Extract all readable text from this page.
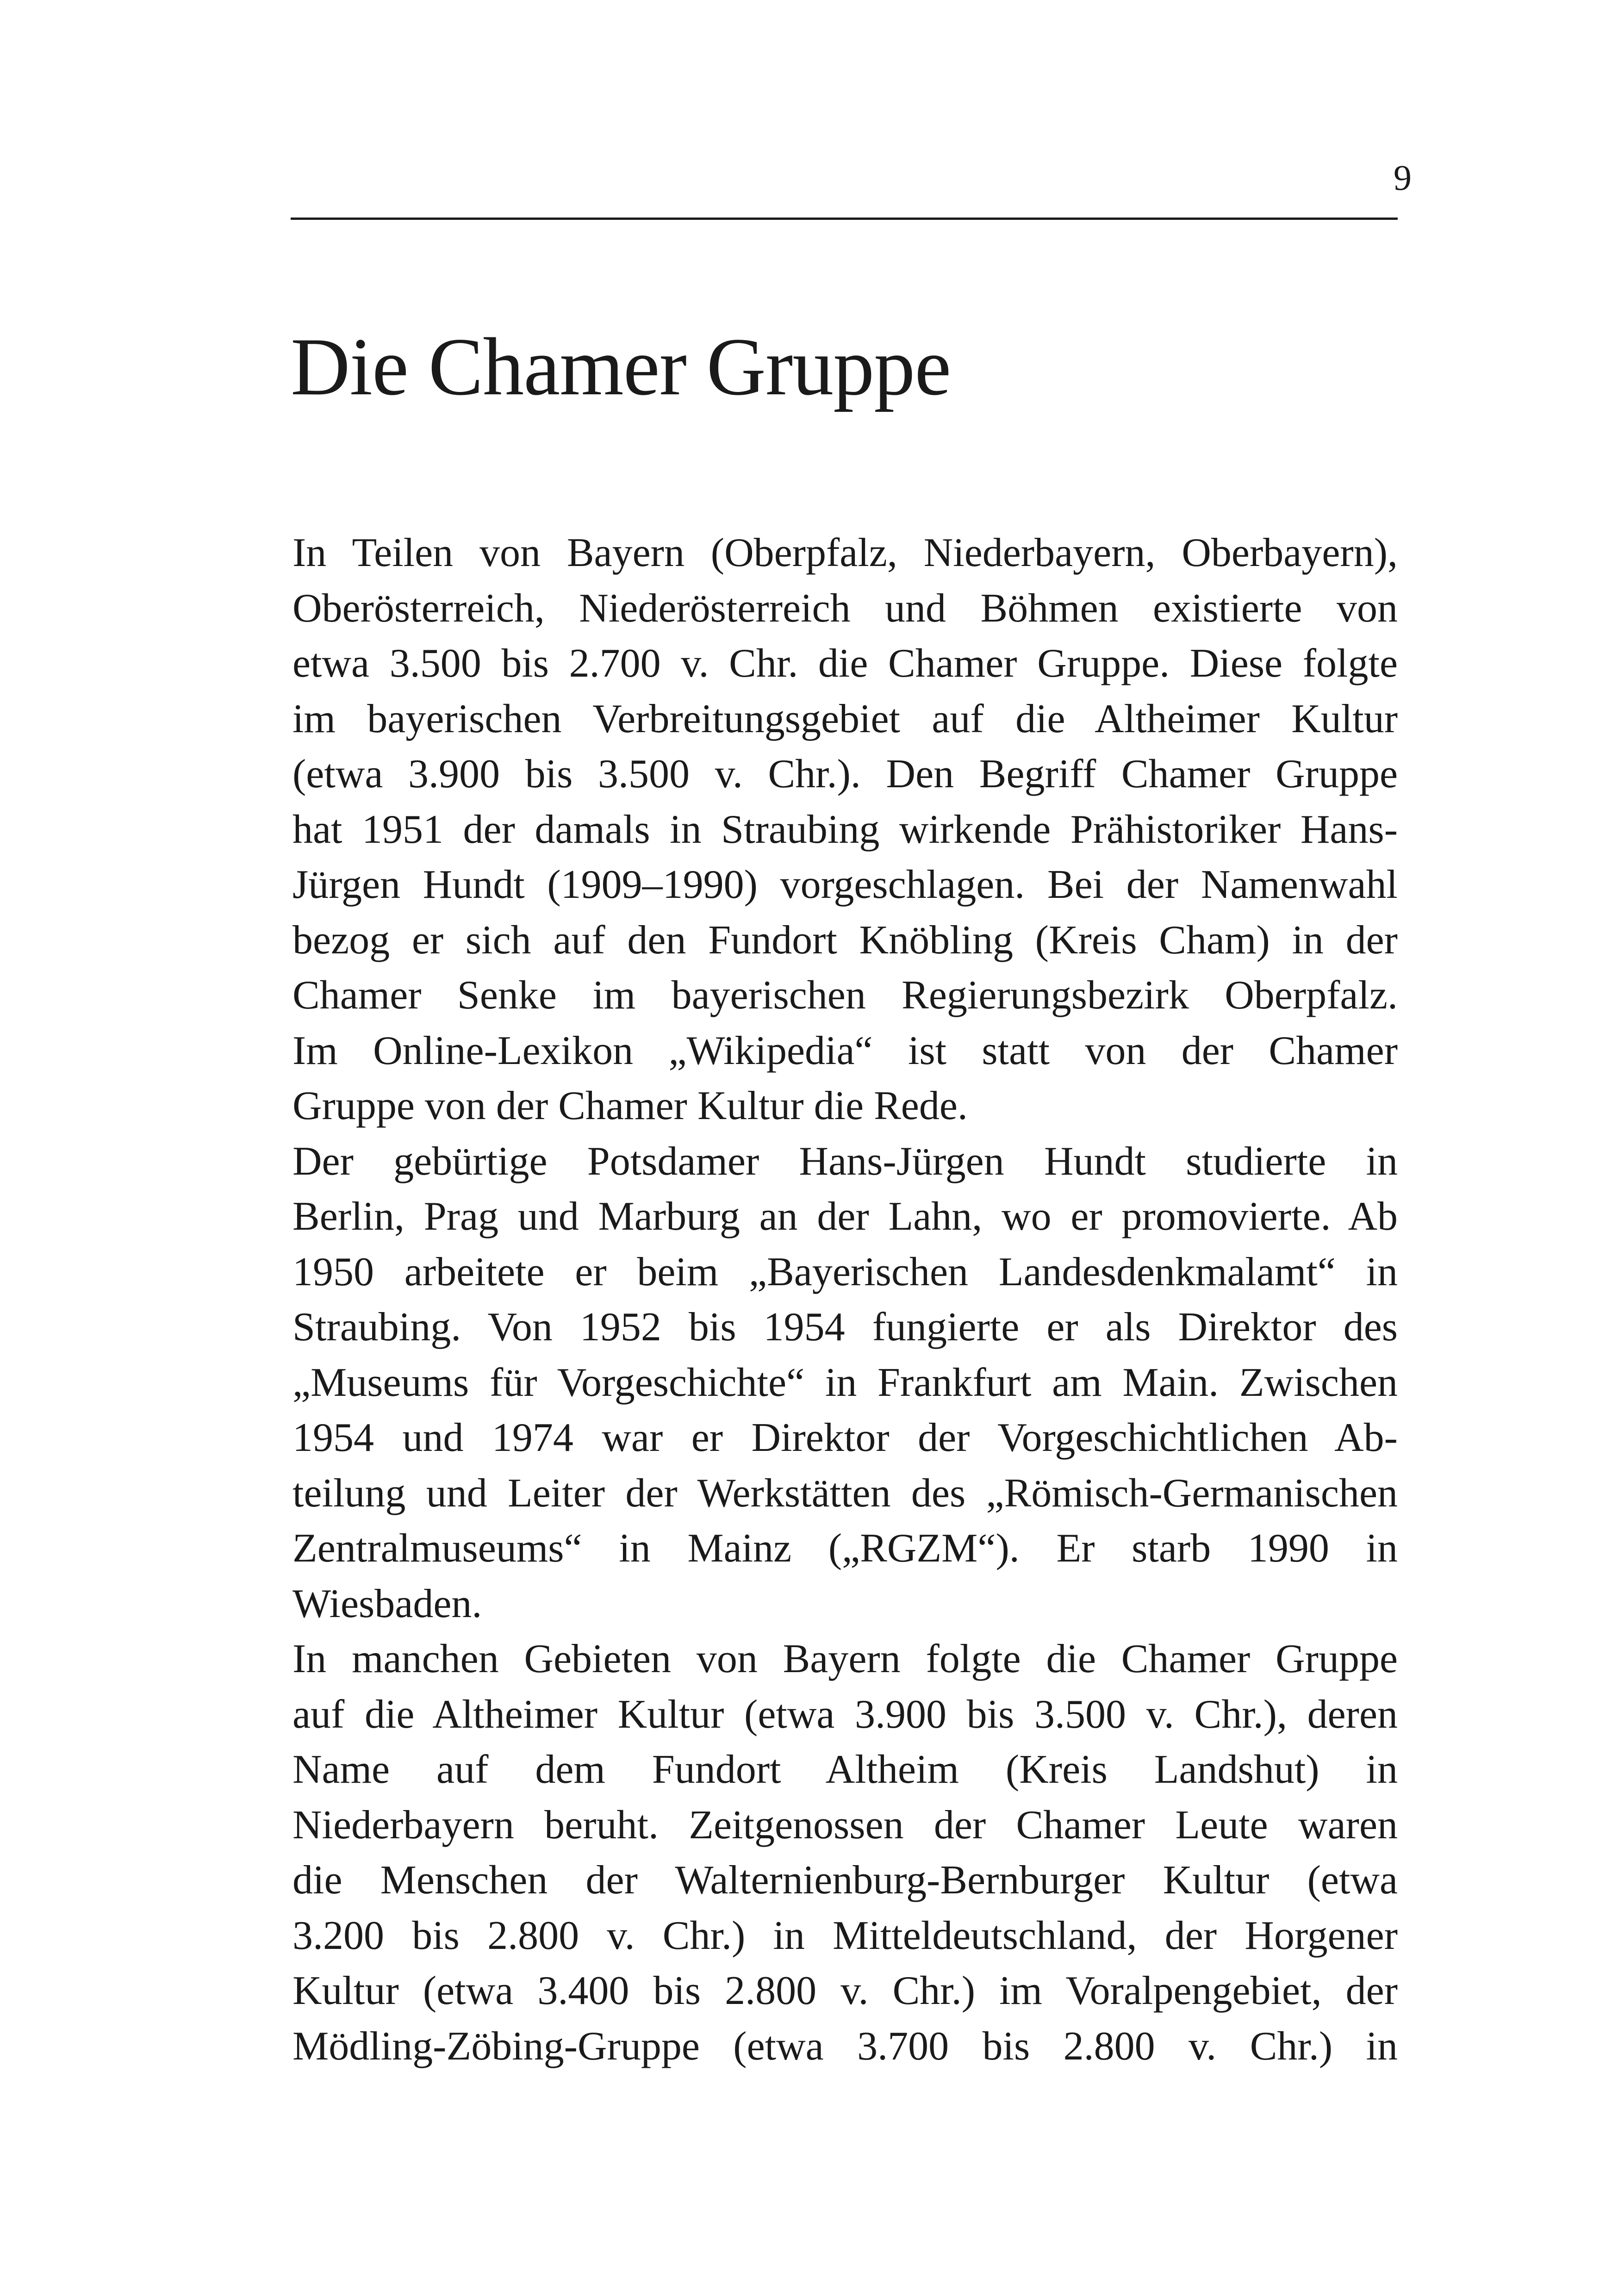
9
Die Chamer Gruppe
In Teilen von Bayern (Oberpfalz, Niederbayern, Oberbayern),
Oberösterreich, Niederösterreich und Böhmen existierte von
etwa 3.500 bis 2.700 v. Chr. die Chamer Gruppe. Diese folgte
im bayerischen Verbreitungsgebiet auf die Altheimer Kultur
(etwa 3.900 bis 3.500 v. Chr.). Den Begriff Chamer Gruppe
hat 1951 der damals in Straubing wirkende Prähistoriker Hans-
Jürgen Hundt (1909–1990) vorgeschlagen. Bei der Namenwahl
bezog er sich auf den Fundort Knöbling (Kreis Cham) in der
Chamer Senke im bayerischen Regierungsbezirk Oberpfalz.
Im Online-Lexikon „Wikipedia“ ist statt von der Chamer
Gruppe von der Chamer Kultur die Rede.
Der gebürtige Potsdamer Hans-Jürgen Hundt studierte in
Berlin, Prag und Marburg an der Lahn, wo er promovierte. Ab
1950 arbeitete er beim „Bayerischen Landesdenkmalamt“ in
Straubing. Von 1952 bis 1954 fungierte er als Direktor des
„Museums für Vorgeschichte“ in Frankfurt am Main. Zwischen
1954 und 1974 war er Direktor der Vorgeschichtlichen Ab-
teilung und Leiter der Werkstätten des „Römisch-Germanischen
Zentralmuseums“ in Mainz („RGZM“). Er starb 1990 in
Wiesbaden.
In manchen Gebieten von Bayern folgte die Chamer Gruppe
auf die Altheimer Kultur (etwa 3.900 bis 3.500 v. Chr.), deren
Name auf dem Fundort Altheim (Kreis Landshut) in
Niederbayern beruht. Zeitgenossen der Chamer Leute waren
die Menschen der Walternienburg-Bernburger Kultur (etwa
3.200 bis 2.800 v. Chr.) in Mitteldeutschland, der Horgener
Kultur (etwa 3.400 bis 2.800 v. Chr.) im Voralpengebiet, der
Mödling-Zöbing-Gruppe (etwa 3.700 bis 2.800 v. Chr.) in
